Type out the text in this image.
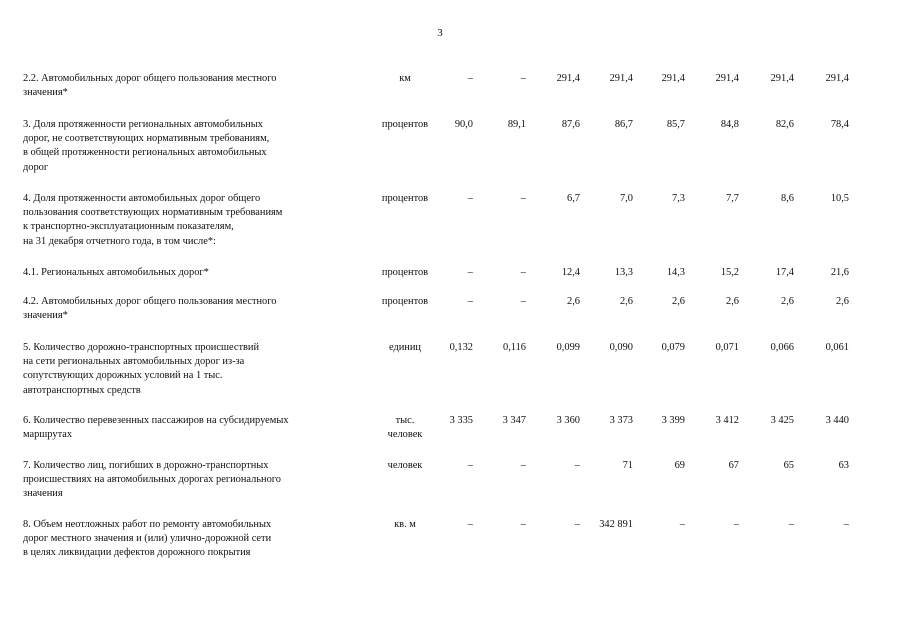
3
2.2. Автомобильных дорог общего пользования местного
значения*
км	–	–	291,4	291,4	291,4	291,4	291,4	291,4
3. Доля протяженности региональных автомобильных
дорог, не соответствующих нормативным требованиям,
в общей протяженности региональных автомобильных
дорог
процентов	90,0	89,1	87,6	86,7	85,7	84,8	82,6	78,4
4. Доля протяженности автомобильных дорог общего
пользования соответствующих нормативным требованиям
к транспортно-эксплуатационным показателям,
на 31 декабря отчетного года, в том числе*:
процентов	–	–	6,7	7,0	7,3	7,7	8,6	10,5
4.1. Региональных автомобильных дорог*	процентов	–	–	12,4	13,3	14,3	15,2	17,4	21,6
4.2. Автомобильных дорог общего пользования местного
значения*
процентов	–	–	2,6	2,6	2,6	2,6	2,6	2,6
5. Количество дорожно-транспортных происшествий
на сети региональных автомобильных дорог из-за
сопутствующих дорожных условий на 1 тыс.
автотранспортных средств
единиц	0,132	0,116	0,099	0,090	0,079	0,071	0,066	0,061
6. Количество перевезенных пассажиров на субсидируемых
маршрутах
тыс.
человек
3 335	3 347	3 360	3 373	3 399	3 412	3 425	3 440
7. Количество лиц, погибших в дорожно-транспортных
происшествиях на автомобильных дорогах регионального
значения
человек	–	–	–	71	69	67	65	63
8. Объем неотложных работ по ремонту автомобильных
дорог местного значения и (или) улично-дорожной сети
в целях ликвидации дефектов дорожного покрытия
кв. м	–	–	–	342 891	–	–	–	–
